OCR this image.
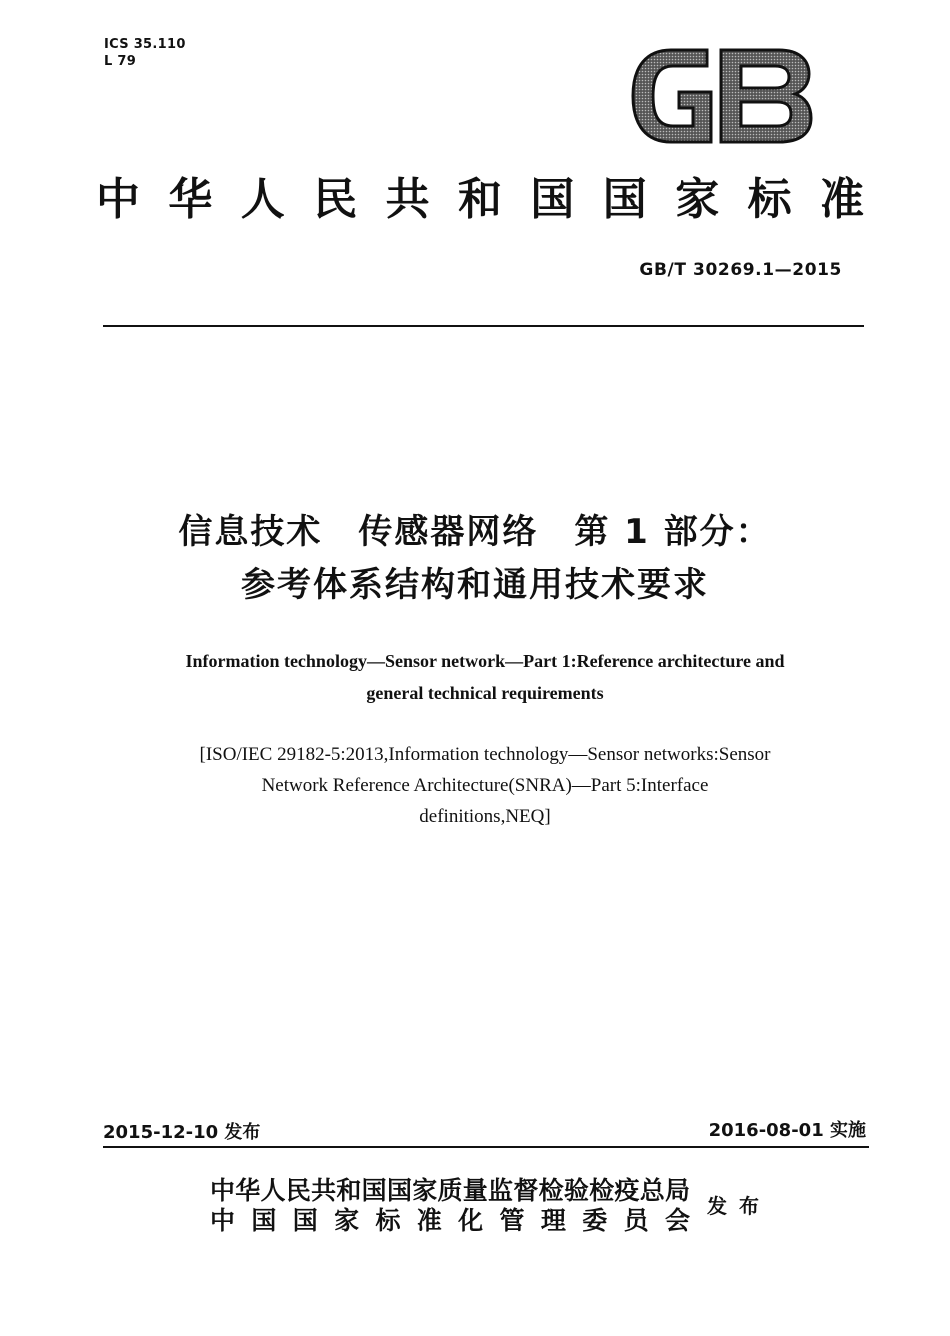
ICS 35.110
L 79
中华人民共和国国家标准
GB/T 30269.1—2015
信息技术　传感器网络　第 1 部分：
参考体系结构和通用技术要求
Information technology—Sensor network—Part 1:Reference architecture and
general technical requirements
[ISO/IEC 29182-5:2013,Information technology—Sensor networks:Sensor
Network Reference Architecture(SNRA)—Part 5:Interface
definitions,NEQ]
2015-12-10 发布	2016-08-01 实施
中华人民共和国国家质量监督检验检疫总局
中国国家标准化管理委员会 发布
